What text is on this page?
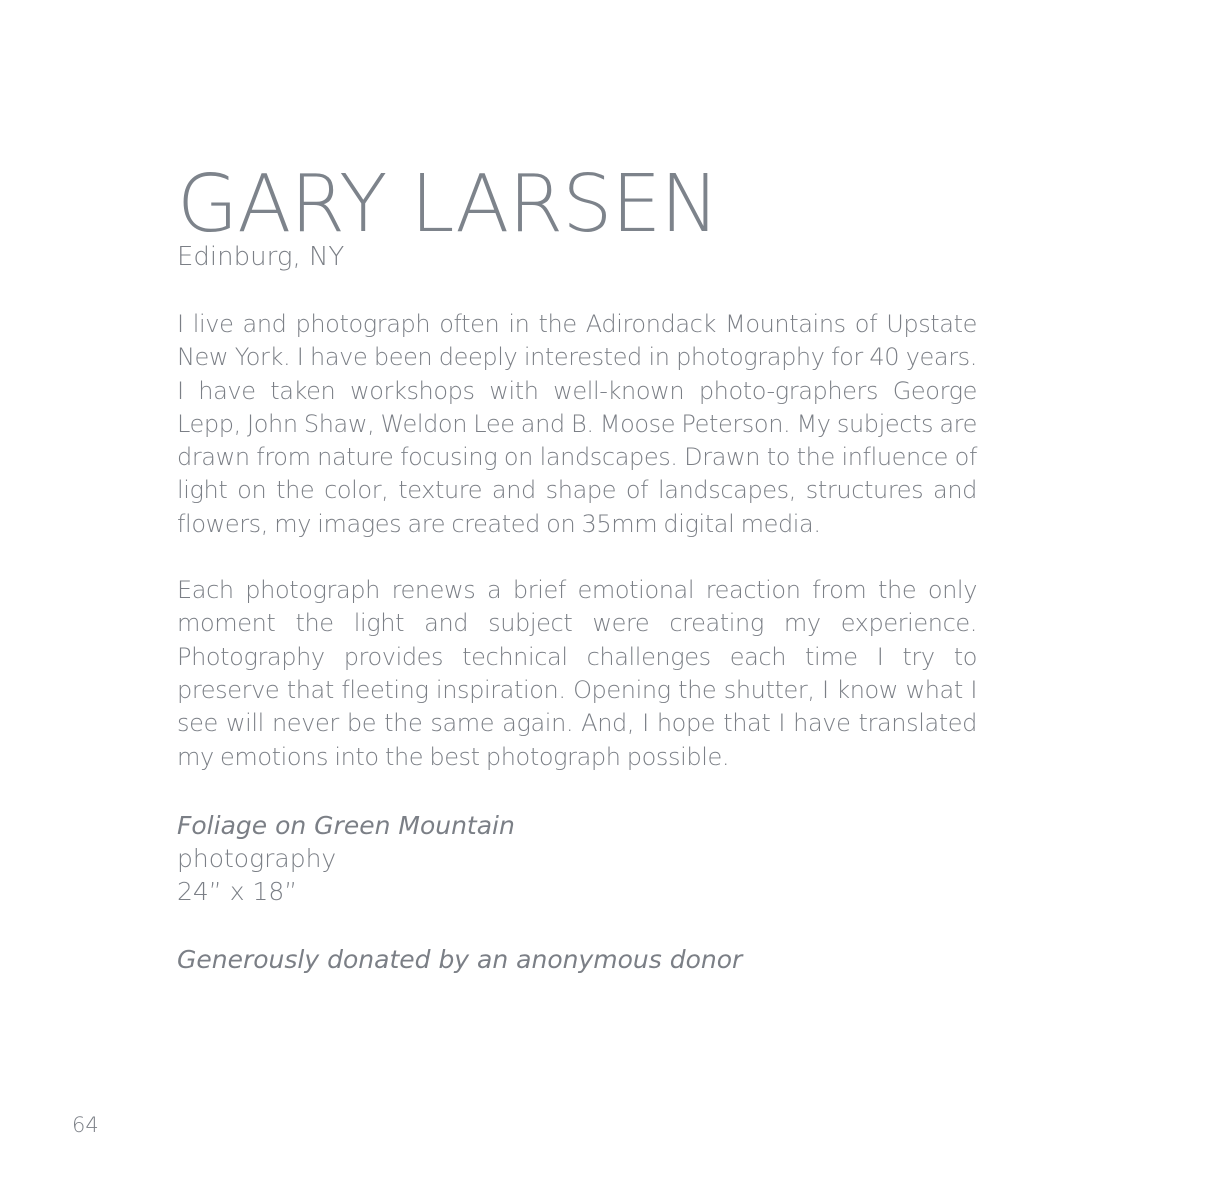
GARY LARSEN
Edinburg, NY

I live and photograph often in the Adirondack Mountains of Upstate New York. I have been deeply interested in photography for 40 years. I have taken workshops with well-known photo-graphers George Lepp, John Shaw, Weldon Lee and B. Moose Peterson. My subjects are drawn from nature focusing on landscapes. Drawn to the influence of light on the color, texture and shape of landscapes, structures and flowers, my images are created on 35mm digital media.

Each photograph renews a brief emotional reaction from the only moment the light and subject were creating my experience. Photography provides technical challenges each time I try to preserve that fleeting inspiration. Opening the shutter, I know what I see will never be the same again. And, I hope that I have translated my emotions into the best photograph possible.

Foliage on Green Mountain
photography
24” x 18”
Generously donated by an anonymous donor
64
